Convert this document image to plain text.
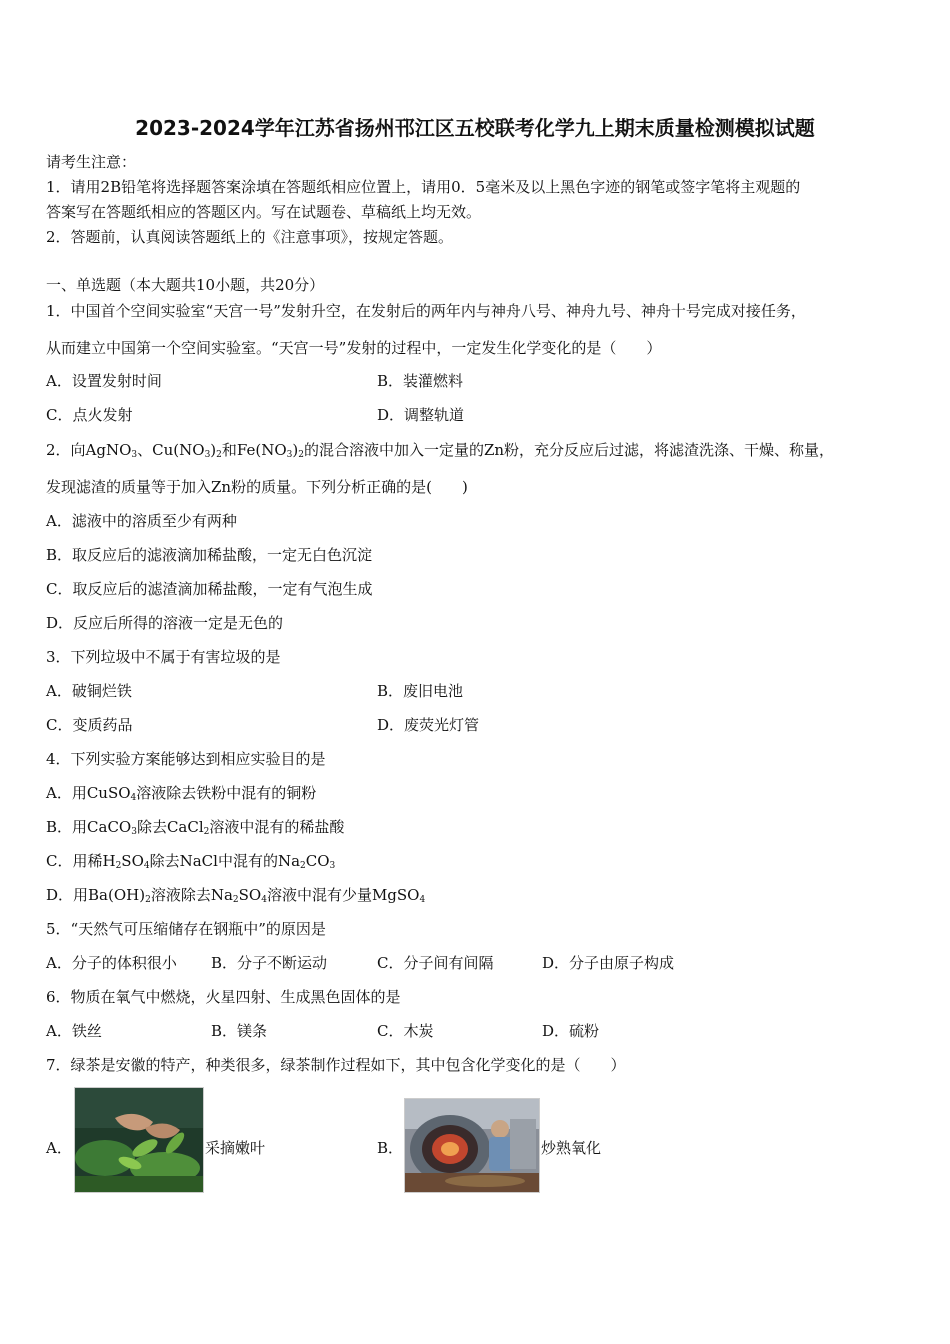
2023-2024学年江苏省扬州邗江区五校联考化学九上期末质量检测模拟试题
请考生注意：
1．请用2B铅笔将选择题答案涂填在答题纸相应位置上，请用0．5毫米及以上黑色字迹的钢笔或签字笔将主观题的
答案写在答题纸相应的答题区内。写在试题卷、草稿纸上均无效。
2．答题前，认真阅读答题纸上的《注意事项》，按规定答题。
一、单选题（本大题共10小题，共20分）
1．中国首个空间实验室“天宫一号”发射升空，在发射后的两年内与神舟八号、神舟九号、神舟十号完成对接任务，
从而建立中国第一个空间实验室。“天宫一号”发射的过程中，一定发生化学变化的是（　　）
A．设置发射时间	B．装灌燃料
C．点火发射	D．调整轨道
2．向AgNO$_3$、$Cu(NO_3)_2$和$Fe(NO_3)_2$的混合溶液中加入一定量的Zn粉，充分反应后过滤，将滤渣洗涤、干燥、称量，
发现滤渣的质量等于加入Zn粉的质量。下列分析正确的是(　　)
A．滤液中的溶质至少有两种
B．取反应后的滤液滴加稀盐酸，一定无白色沉淀
C．取反应后的滤渣滴加稀盐酸，一定有气泡生成
D．反应后所得的溶液一定是无色的
3．下列垃圾中不属于有害垃圾的是
A．破铜烂铁	B．废旧电池
C．变质药品	D．废荧光灯管
4．下列实验方案能够达到相应实验目的是
A．用CuSO$_4$溶液除去铁粉中混有的铜粉
B．用CaCO$_3$除去CaCl$_2$溶液中混有的稀盐酸
C．用稀$H_2SO_4$除去NaCl中混有的$Na_2CO_3$
D．用$Ba(OH)_2$溶液除去$Na_2SO_4$溶液中混有少量MgSO$_4$
5．“天然气可压缩储存在钢瓶中”的原因是
A．分子的体积很小 B．分子不断运动	C．分子间有间隔	D．分子由原子构成
6．物质在氧气中燃烧，火星四射、生成黑色固体的是
A．铁丝	B．镁条	C．木炭	D．硫粉
7．绿茶是安徽的特产，种类很多，绿茶制作过程如下，其中包含化学变化的是（　　）
A．	采摘嫩叶	B．	炒熟氧化
